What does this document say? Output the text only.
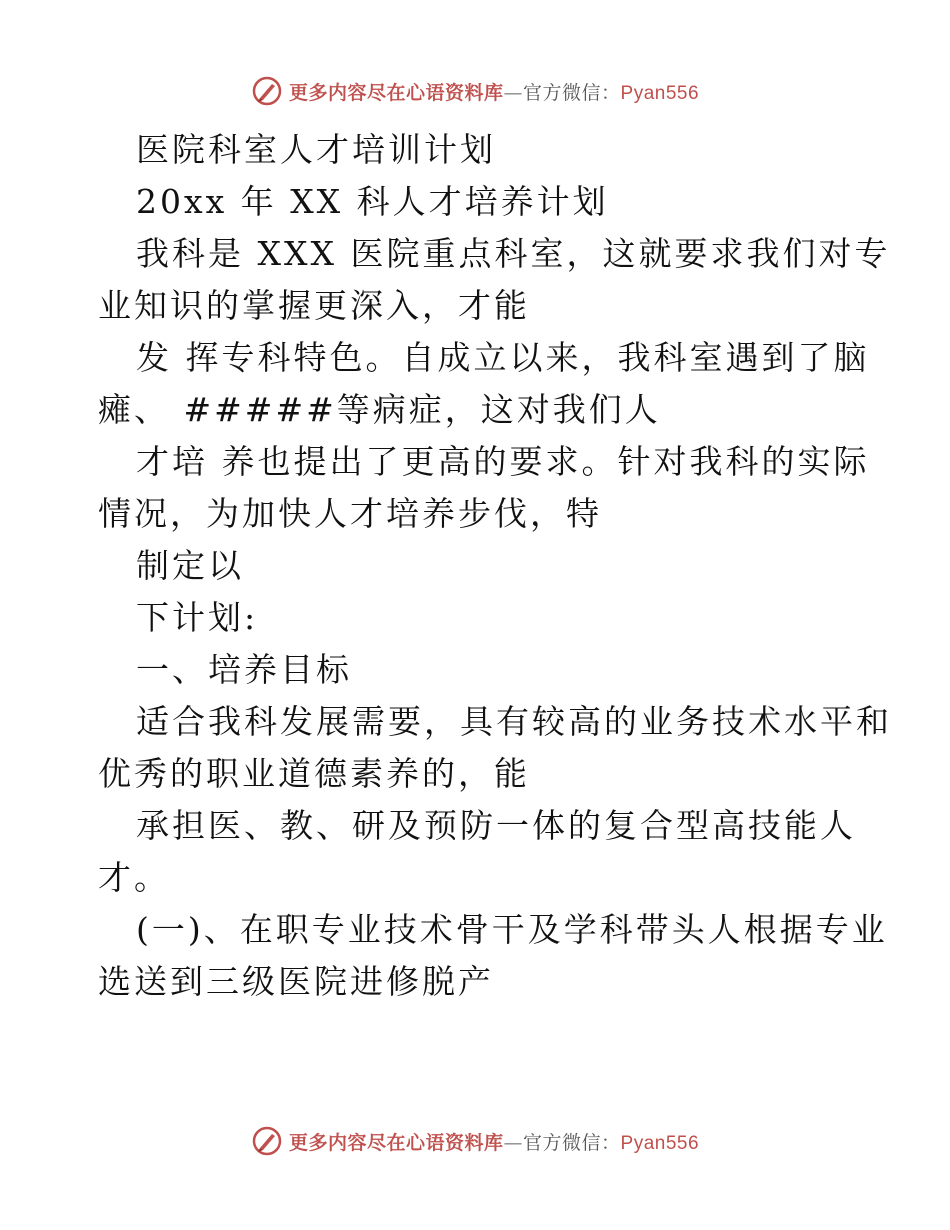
更多内容尽在心语资料库—官方微信：Pyan556
医院科室人才培训计划
20xx 年 XX 科人才培养计划
我科是 XXX 医院重点科室，这就要求我们对专
业知识的掌握更深入，才能
发 挥专科特色。自成立以来，我科室遇到了脑
瘫、 #####等病症，这对我们人
才培 养也提出了更高的要求。针对我科的实际
情况，为加快人才培养步伐，特
制定以
下计划:
一、培养目标
适合我科发展需要，具有较高的业务技术水平和
优秀的职业道德素养的，能
承担医、教、研及预防一体的复合型高技能人
才。
(一)、在职专业技术骨干及学科带头人根据专业
选送到三级医院进修脱产
更多内容尽在心语资料库—官方微信：Pyan556
